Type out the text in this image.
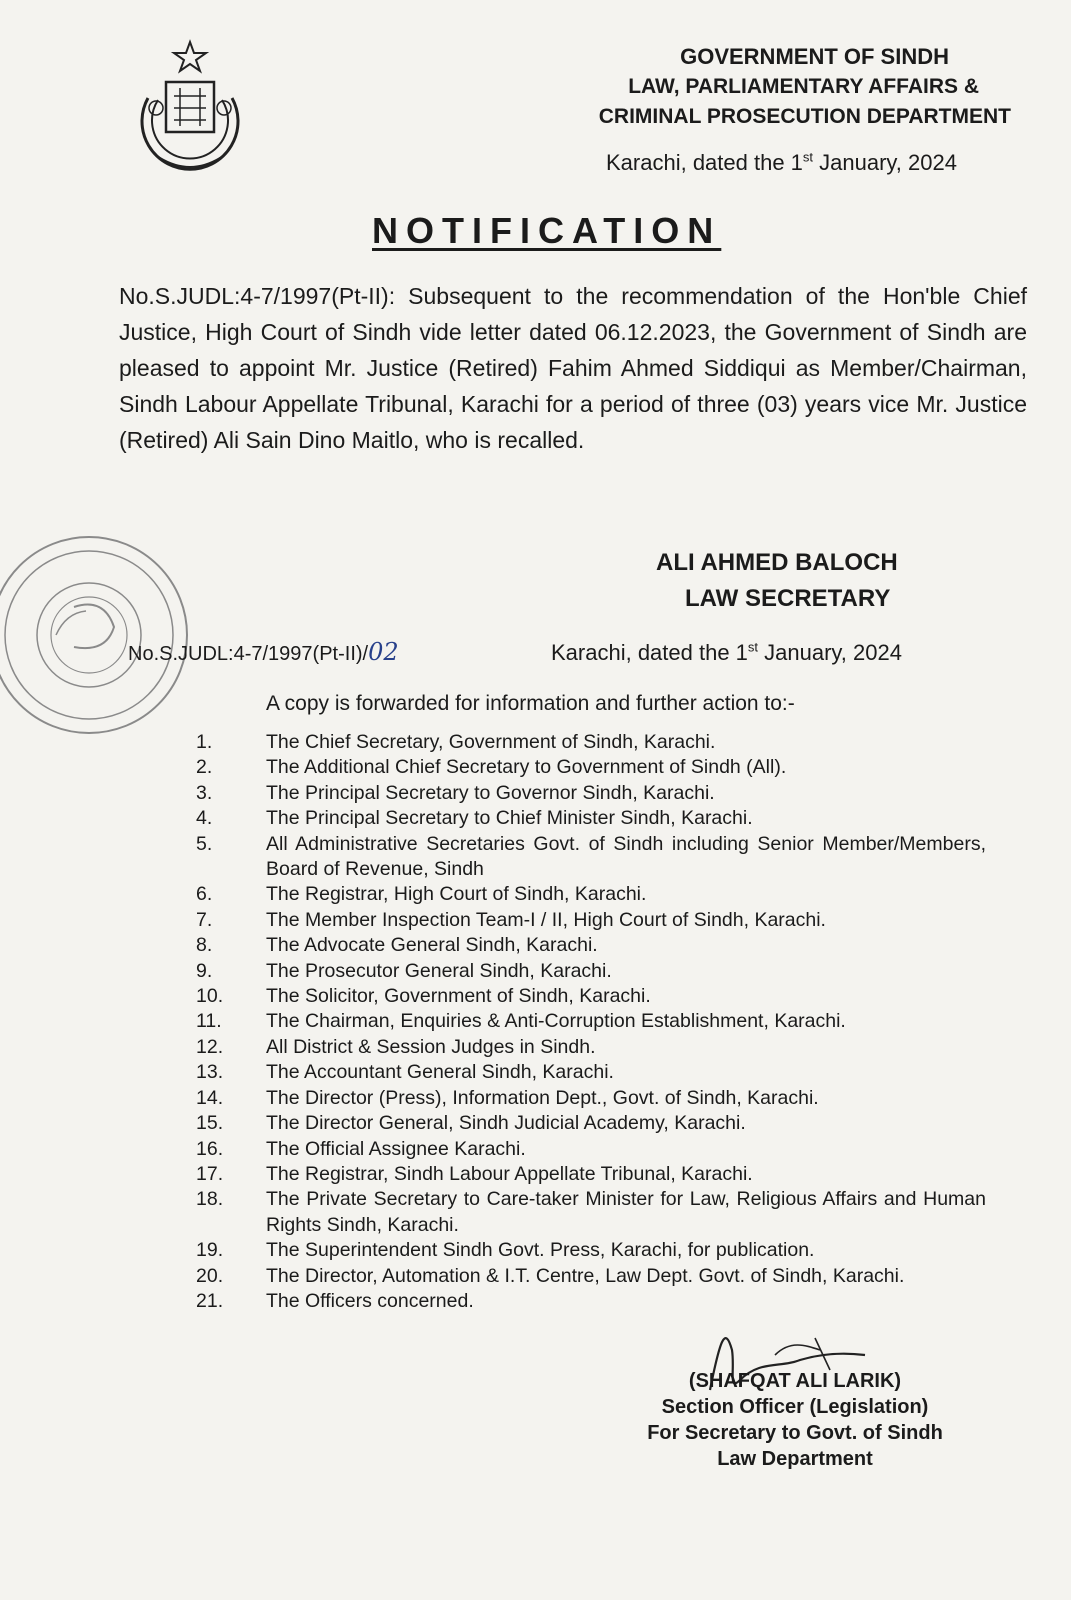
GOVERNMENT OF SINDH
LAW, PARLIAMENTARY AFFAIRS &
CRIMINAL PROSECUTION DEPARTMENT
Karachi, dated the 1st January, 2024
NOTIFICATION
No.S.JUDL:4-7/1997(Pt-II): Subsequent to the recommendation of the Hon'ble Chief Justice, High Court of Sindh vide letter dated 06.12.2023, the Government of Sindh are pleased to appoint Mr. Justice (Retired) Fahim Ahmed Siddiqui as Member/Chairman, Sindh Labour Appellate Tribunal, Karachi for a period of three (03) years vice Mr. Justice (Retired) Ali Sain Dino Maitlo, who is recalled.
ALI AHMED BALOCH
LAW SECRETARY
No.S.JUDL:4-7/1997(Pt-II)/02	Karachi, dated the 1st January, 2024
A copy is forwarded for information and further action to:-
1.	The Chief Secretary, Government of Sindh, Karachi.
2.	The Additional Chief Secretary to Government of Sindh (All).
3.	The Principal Secretary to Governor Sindh, Karachi.
4.	The Principal Secretary to Chief Minister Sindh, Karachi.
5.	All Administrative Secretaries Govt. of Sindh including Senior Member/Members, Board of Revenue, Sindh
6.	The Registrar, High Court of Sindh, Karachi.
7.	The Member Inspection Team-I / II, High Court of Sindh, Karachi.
8.	The Advocate General Sindh, Karachi.
9.	The Prosecutor General Sindh, Karachi.
10.	The Solicitor, Government of Sindh, Karachi.
11.	The Chairman, Enquiries & Anti-Corruption Establishment, Karachi.
12.	All District & Session Judges in Sindh.
13.	The Accountant General Sindh, Karachi.
14.	The Director (Press), Information Dept., Govt. of Sindh, Karachi.
15.	The Director General, Sindh Judicial Academy, Karachi.
16.	The Official Assignee Karachi.
17.	The Registrar, Sindh Labour Appellate Tribunal, Karachi.
18.	The Private Secretary to Care-taker Minister for Law, Religious Affairs and Human Rights Sindh, Karachi.
19.	The Superintendent Sindh Govt. Press, Karachi, for publication.
20.	The Director, Automation & I.T. Centre, Law Dept. Govt. of Sindh, Karachi.
21.	The Officers concerned.
(SHAFQAT ALI LARIK)
Section Officer (Legislation)
For Secretary to Govt. of Sindh
Law Department
